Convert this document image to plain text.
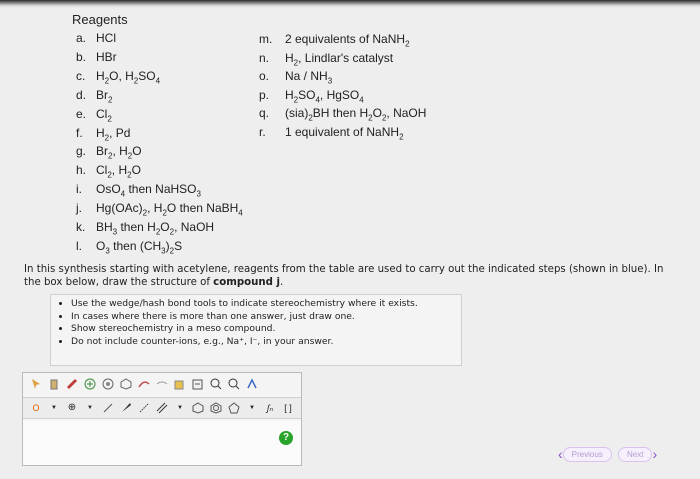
Reagents
a. HCl
b. HBr
c. $H_2O$, $H_2SO_4$
d. $Br_2$
e. $Cl_2$
f. $H_2$, Pd
g. $Br_2$, $H_2O$
h. $Cl_2$, $H_2O$
i. OsO$_4$ then NaHSO$_3$
j. $Hg(OAc)_2$, $H_2O$ then NaBH$_4$
k. $BH_3$ then $H_2O_2$, NaOH
l. $O_3$ then $(CH_3)_2S$
m. 2 equivalents of NaNH$_2$
n. $H_2$, Lindlar's catalyst
o. Na / $NH_3$
p. $H_2SO_4$, HgSO$_4$
q. $(sia)_2BH$ then $H_2O_2$, NaOH
r. 1 equivalent of NaNH$_2$
In this synthesis starting with acetylene, reagents from the table are used to carry out the indicated steps (shown in blue). In the box below, draw the structure of compound j.
• Use the wedge/hash bond tools to indicate stereochemistry where it exists.
• In cases where there is more than one answer, just draw one.
• Show stereochemistry in a meso compound.
• Do not include counter-ions, e.g., Na⁺, I⁻, in your answer.
O	▼	⊕	▼	▼	▼	ʃₙ	[ ]
?
‹	Previous	Next ›
